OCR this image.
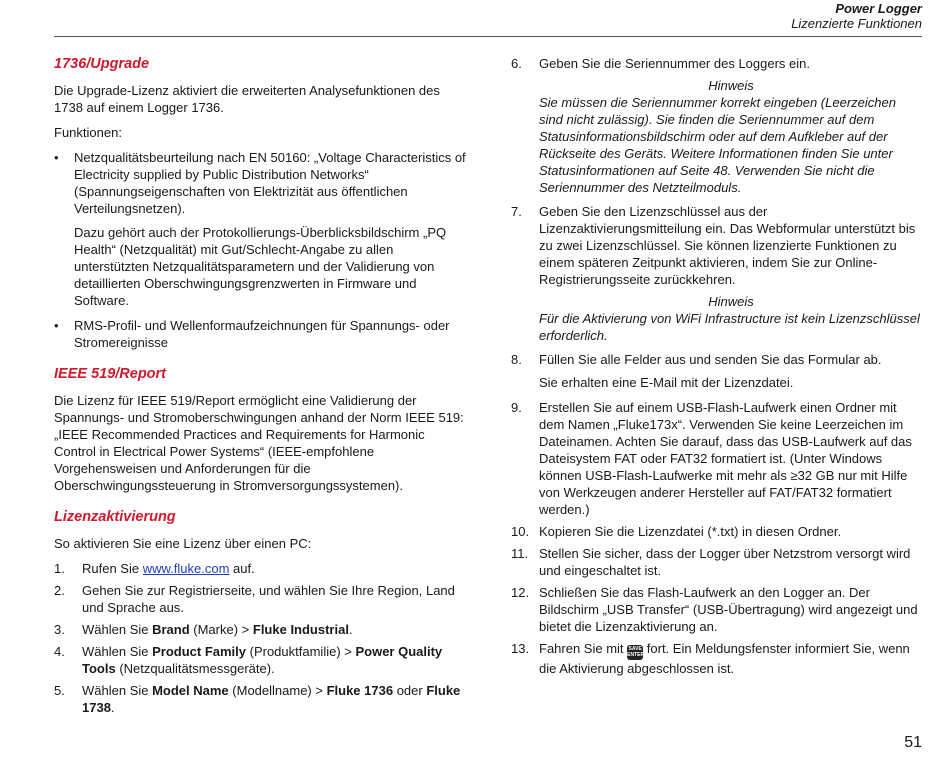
Power Logger
Lizenzierte Funktionen
1736/Upgrade

Die Upgrade-Lizenz aktiviert die erweiterten Analysefunktionen des 1738 auf einem Logger 1736.

Funktionen:

•	Netzqualitätsbeurteilung nach EN 50160: „Voltage Characteristics of Electricity supplied by Public Distribution Networks“ (Spannungseigenschaften von Elektrizität aus öffentlichen Verteilungsnetzen).

Dazu gehört auch der Protokollierungs-Überblicksbildschirm „PQ Health“ (Netzqualität) mit Gut/Schlecht-Angabe zu allen unterstützten Netzqualitätsparametern und der Validierung von detaillierten Oberschwingungsgrenzwerten in Firmware und Software.

•	RMS-Profil- und Wellenformaufzeichnungen für Spannungs- oder Stromereignisse
IEEE 519/Report

Die Lizenz für IEEE 519/Report ermöglicht eine Validierung der Spannungs- und Stromoberschwingungen anhand der Norm IEEE 519: „IEEE Recommended Practices and Requirements for Harmonic Control in Electrical Power Systems“ (IEEE-empfohlene Vorgehensweisen und Anforderungen für die Oberschwingungssteuerung in Stromversorgungssystemen).

Lizenzaktivierung

So aktivieren Sie eine Lizenz über einen PC:

1.	Rufen Sie www.fluke.com auf.
2.	Gehen Sie zur Registrierseite, und wählen Sie Ihre Region, Land und Sprache aus.
3.	Wählen Sie Brand (Marke) > Fluke Industrial.
4.	Wählen Sie Product Family (Produktfamilie) > Power Quality Tools (Netzqualitätsmessgeräte).
5.	Wählen Sie Model Name (Modellname) > Fluke 1736 oder Fluke 1738.
6.	Geben Sie die Seriennummer des Loggers ein.
Hinweis
Sie müssen die Seriennummer korrekt eingeben (Leerzeichen sind nicht zulässig). Sie finden die Seriennummer auf dem Statusinformationsbildschirm oder auf dem Aufkleber auf der Rückseite des Geräts. Weitere Informationen finden Sie unter Statusinformationen auf Seite 48. Verwenden Sie nicht die Seriennummer des Netzteilmoduls.
7.	Geben Sie den Lizenzschlüssel aus der Lizenzaktivierungsmitteilung ein. Das Webformular unterstützt bis zu zwei Lizenzschlüssel. Sie können lizenzierte Funktionen zu einem späteren Zeitpunkt aktivieren, indem Sie zur Online-Registrierungsseite zurückkehren.
Hinweis
Für die Aktivierung von WiFi Infrastructure ist kein Lizenzschlüssel erforderlich.
8.	Füllen Sie alle Felder aus und senden Sie das Formular ab.

Sie erhalten eine E-Mail mit der Lizenzdatei.

9.	Erstellen Sie auf einem USB-Flash-Laufwerk einen Ordner mit dem Namen „Fluke173x“. Verwenden Sie keine Leerzeichen im Dateinamen. Achten Sie darauf, dass das USB-Laufwerk auf das Dateisystem FAT oder FAT32 formatiert ist. (Unter Windows können USB-Flash-Laufwerke mit mehr als ≥32 GB nur mit Hilfe von Werkzeugen anderer Hersteller auf FAT/FAT32 formatiert werden.)
10. Kopieren Sie die Lizenzdatei (*.txt) in diesen Ordner.
11. Stellen Sie sicher, dass der Logger über Netzstrom versorgt wird und eingeschaltet ist.
12. Schließen Sie das Flash-Laufwerk an den Logger an. Der Bildschirm „USB Transfer“ (USB-Übertragung) wird angezeigt und bietet die Lizenzaktivierung an.
13. Fahren Sie mit SAVE
ENTER fort. Ein Meldungsfenster informiert Sie, wenn die Aktivierung abgeschlossen ist.
51
